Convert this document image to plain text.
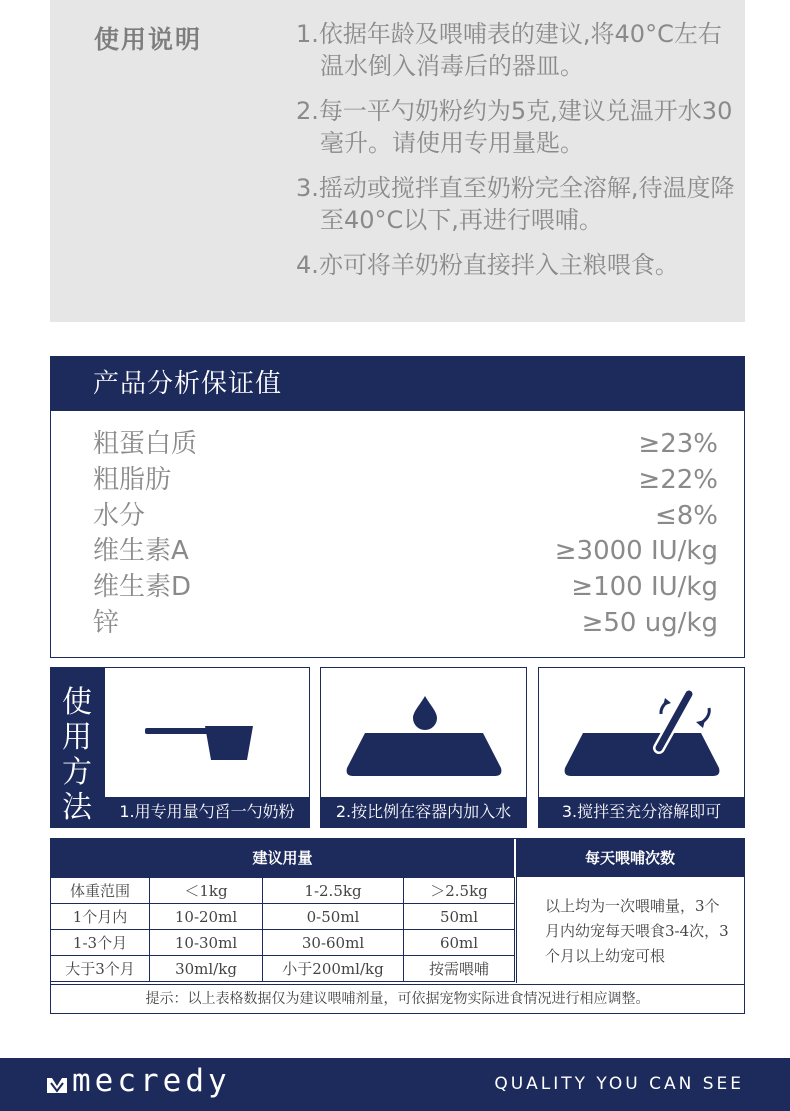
使用说明	1.依据年龄及喂哺表的建议,将40°C左右温水倒入消毒后的器皿。
2.每一平勺奶粉约为5克,建议兑温开水30毫升。请使用专用量匙。
3.摇动或搅拌直至奶粉完全溶解,待温度降至40°C以下,再进行喂哺。
4.亦可将羊奶粉直接拌入主粮喂食。
产品分析保证值
粗蛋白质	≥23%
粗脂肪	≥22%
水分	≤8%
维生素A	≥3000 IU/kg
维生素D	≥100 IU/kg
锌	≥50 ug/kg
使
用
方
法	1.用专用量勺舀一勺奶粉	2.按比例在容器内加入水	3.搅拌至充分溶解即可
建议用量	每天喂哺次数
体重范围	＜1kg	1-2.5kg	＞2.5kg
1个月内	10-20ml	0-50ml	50ml
1-3个月	10-30ml	30-60ml	60ml
大于3个月	30ml/kg	小于200ml/kg	按需喂哺
以上均为一次喂哺量，3个月内幼宠每天喂食3-4次，3个月以上幼宠可根
提示：以上表格数据仅为建议喂哺剂量，可依据宠物实际进食情况进行相应调整。
mecredy	QUALITY YOU CAN SEE
